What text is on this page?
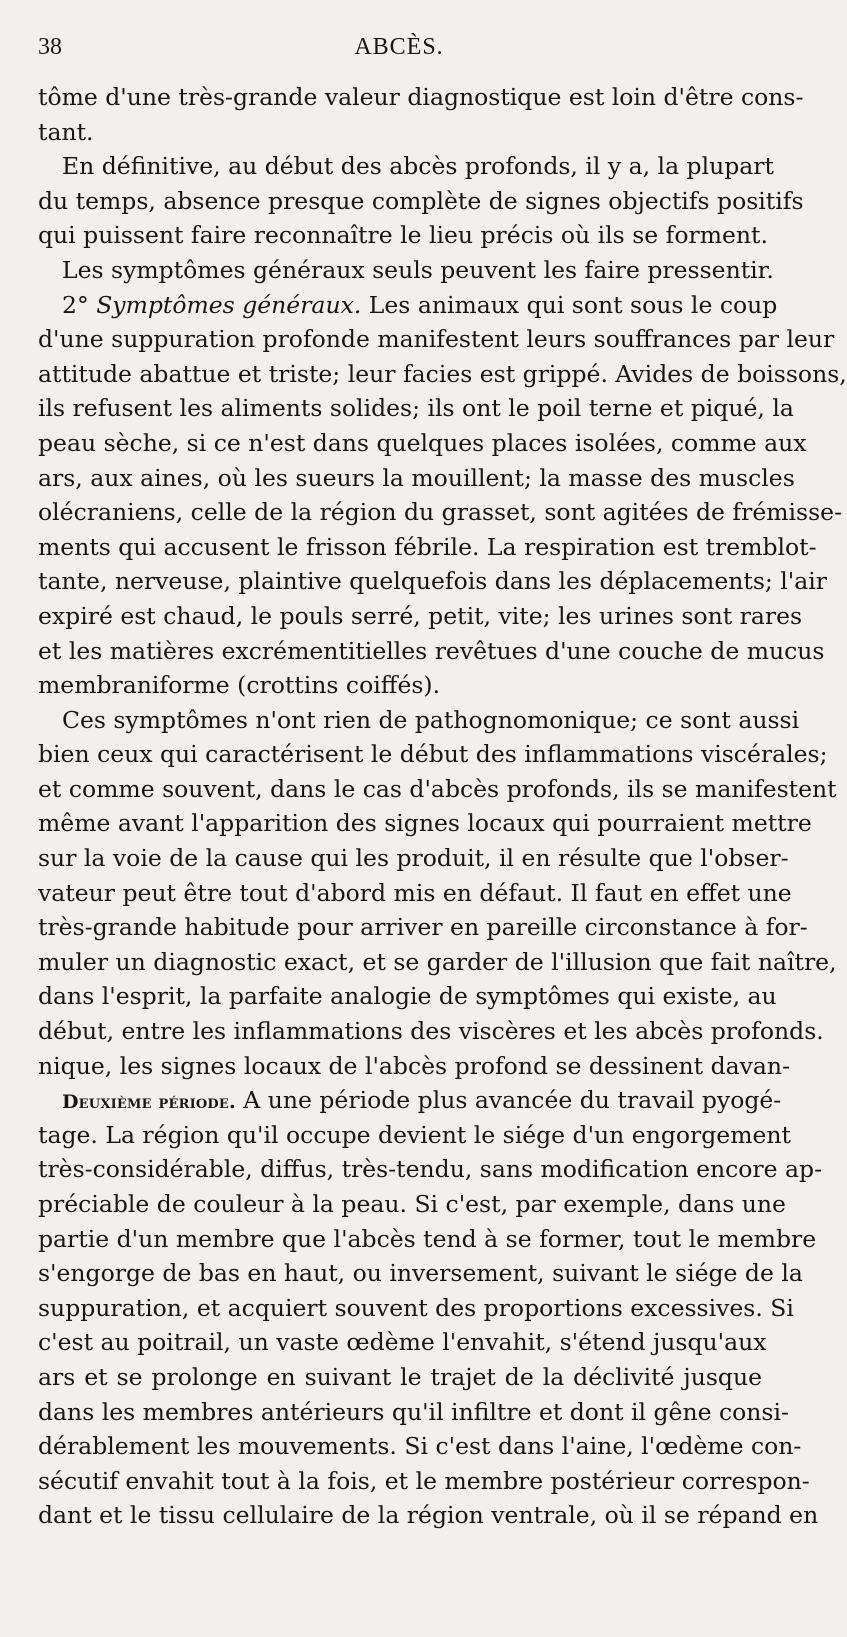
38	ABCÈS.
tôme d'une très-grande valeur diagnostique est loin d'être cons-
tant.
En définitive, au début des abcès profonds, il y a, la plupart
du temps, absence presque complète de signes objectifs positifs
qui puissent faire reconnaître le lieu précis où ils se forment.
Les symptômes généraux seuls peuvent les faire pressentir.
2° Symptômes généraux. Les animaux qui sont sous le coup
d'une suppuration profonde manifestent leurs souffrances par leur
attitude abattue et triste; leur facies est grippé. Avides de boissons,
ils refusent les aliments solides; ils ont le poil terne et piqué, la
peau sèche, si ce n'est dans quelques places isolées, comme aux
ars, aux aines, où les sueurs la mouillent; la masse des muscles
olécraniens, celle de la région du grasset, sont agitées de frémisse-
ments qui accusent le frisson fébrile. La respiration est tremblot-
tante, nerveuse, plaintive quelquefois dans les déplacements; l'air
expiré est chaud, le pouls serré, petit, vite; les urines sont rares
et les matières excrémentitielles revêtues d'une couche de mucus
membraniforme (crottins coiffés).
Ces symptômes n'ont rien de pathognomonique; ce sont aussi
bien ceux qui caractérisent le début des inflammations viscérales;
et comme souvent, dans le cas d'abcès profonds, ils se manifestent
même avant l'apparition des signes locaux qui pourraient mettre
sur la voie de la cause qui les produit, il en résulte que l'obser-
vateur peut être tout d'abord mis en défaut. Il faut en effet une
très-grande habitude pour arriver en pareille circonstance à for-
muler un diagnostic exact, et se garder de l'illusion que fait naître,
dans l'esprit, la parfaite analogie de symptômes qui existe, au
début, entre les inflammations des viscères et les abcès profonds.
nique, les signes locaux de l'abcès profond se dessinent davan-
Deuxième période. A une période plus avancée du travail pyogé-
tage. La région qu'il occupe devient le siége d'un engorgement
très-considérable, diffus, très-tendu, sans modification encore ap-
préciable de couleur à la peau. Si c'est, par exemple, dans une
partie d'un membre que l'abcès tend à se former, tout le membre
s'engorge de bas en haut, ou inversement, suivant le siége de la
suppuration, et acquiert souvent des proportions excessives. Si
c'est au poitrail, un vaste œdème l'envahit, s'étend jusqu'aux
ars et se prolonge en suivant le trajet de la déclivité jusque
dans les membres antérieurs qu'il infiltre et dont il gêne consi-
dérablement les mouvements. Si c'est dans l'aine, l'œdème con-
sécutif envahit tout à la fois, et le membre postérieur correspon-
dant et le tissu cellulaire de la région ventrale, où il se répand en
